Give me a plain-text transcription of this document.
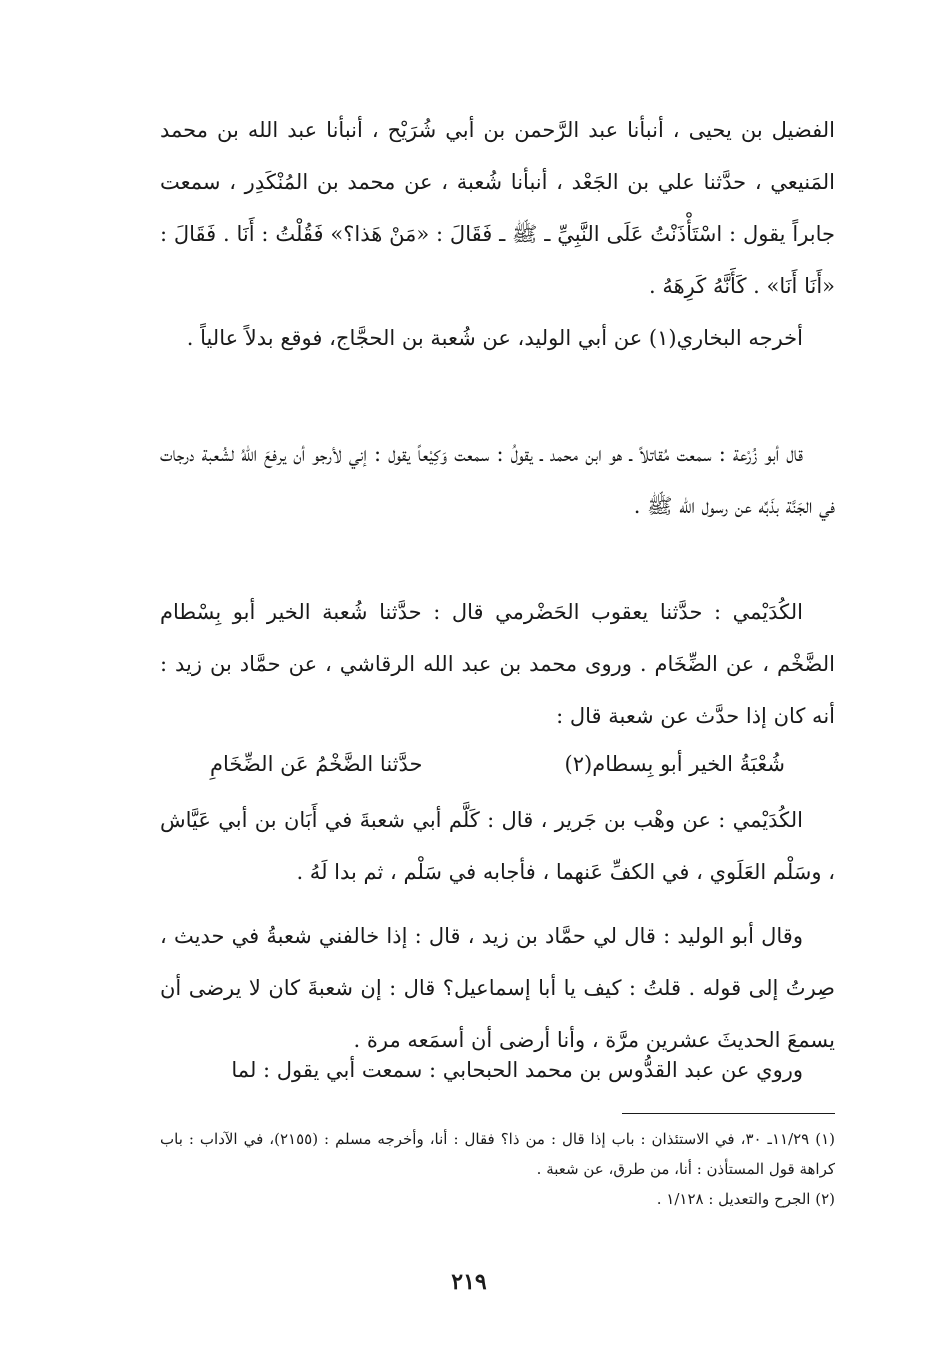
الفضيل بن يحيى ، أنبأنا عبد الرَّحمن بن أبي شُرَيْح ، أنبأنا عبد الله بن محمد المَنيعي ، حدَّثنا علي بن الجَعْد ، أنبأنا شُعبة ، عن محمد بن المُنْكَدِر ، سمعت جابراً يقول : اسْتَأْذَنْتُ عَلَى النَّبِيِّ ـ ﷺ ـ فَقَالَ : «مَنْ هَذا؟» فَقُلْتُ : أَنَا . فَقَالَ : «أَنَا أَنَا» . كَأَنَّهُ كَرِهَهُ .

أخرجه البخاري(١) عن أبي الوليد، عن شُعبة بن الحجَّاج، فوقع بدلاً عالياً .

قال أبو زُرْعة : سمعت مُقاتلاً ـ هو ابن محمد ـ يقولُ : سمعت وَكِيْعاً يقول : إني لأرجو أن يرفعَ اللهُ لشُعبة درجات في الجَنَّة بذَبِّه عن رسول الله ﷺ .

الكُدَيْمي : حدَّثنا يعقوب الحَضْرمي قال : حدَّثنا شُعبة الخير أبو بِسْطام الضَّخْم ، عن الضِّخَام . وروى محمد بن عبد الله الرقاشي ، عن حمَّاد بن زيد : أنه كان إذا حدَّث عن شعبة قال :

شُعْبَةُ الخير أبو بِسطام(٢)
حدَّثنا الضَّخْمُ عَن الضِّخَامِ

الكُدَيْمي : عن وهْب بن جَرير ، قال : كَلَّم أبي شعبةَ في أَبَان بن أبي عَيَّاش ، وسَلْم العَلَوي ، في الكفِّ عَنهما ، فأجابه في سَلْم ، ثم بدا لَهُ .

وقال أبو الوليد : قال لي حمَّاد بن زيد ، قال : إذا خالفني شعبةُ في حديث ، صِرتُ إلى قوله . قلتُ : كيف يا أبا إسماعيل؟ قال : إن شعبةَ كان لا يرضى أن يسمعَ الحديثَ عشرين مرَّة ، وأنا أرضى أن أسمَعه مرة .

وروي عن عبد القدُّوس بن محمد الحبحابي : سمعت أبي يقول : لما

(١) ١١/٢٩ـ ٣٠، في الاستئذان : باب إذا قال : من ذا؟ فقال : أنا، وأخرجه مسلم : (٢١٥٥)، في الآداب : باب كراهة قول المستأذن : أنا، من طرق، عن شعبة .

(٢) الجرح والتعديل : ١/١٢٨ .

٢١٩
